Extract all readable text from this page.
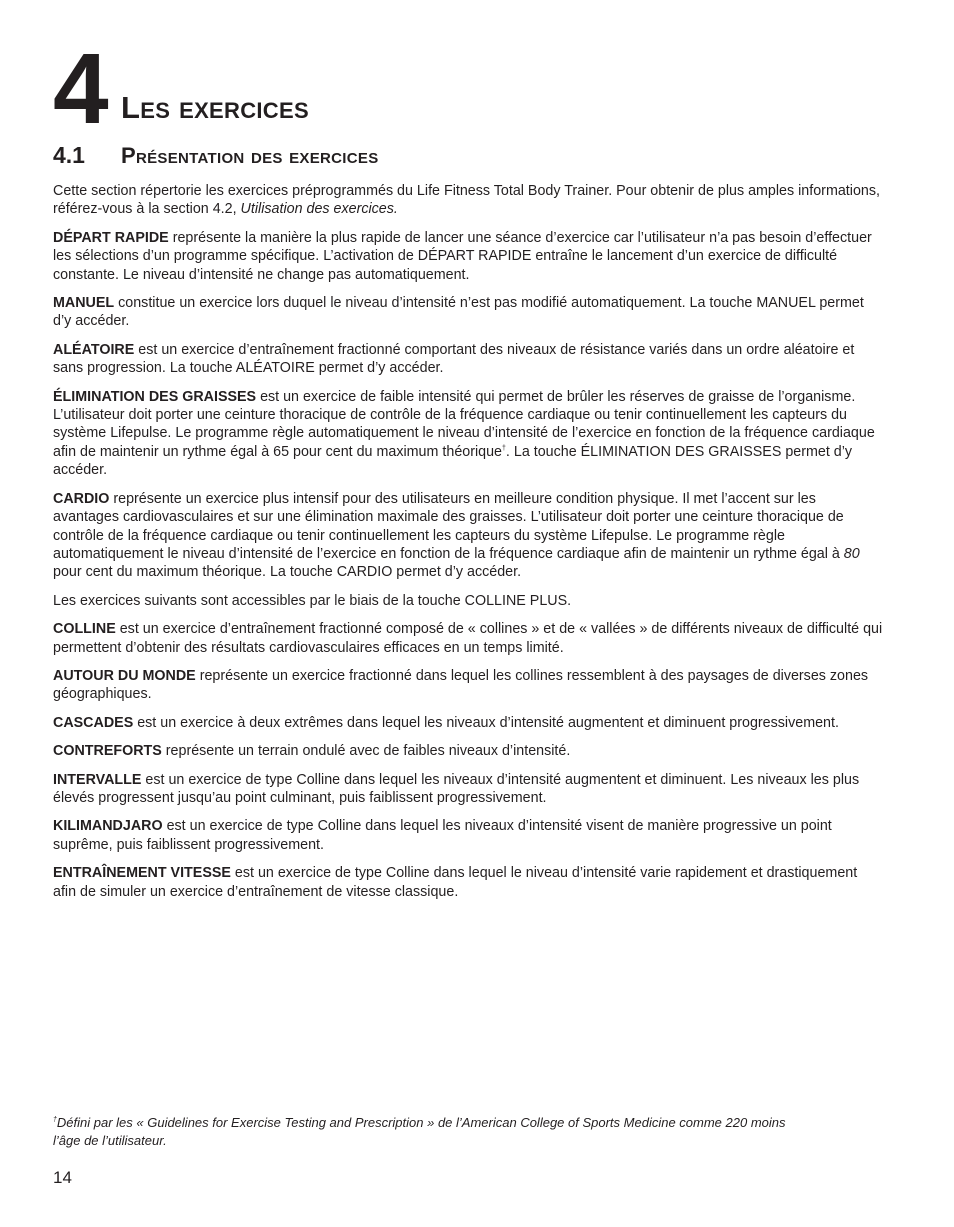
4 Les exercices
4.1 Présentation des exercices

Cette section répertorie les exercices préprogrammés du Life Fitness Total Body Trainer. Pour obtenir de plus amples informations, référez-vous à la section 4.2, Utilisation des exercices.

DÉPART RAPIDE représente la manière la plus rapide de lancer une séance d’exercice car l’utilisateur n’a pas besoin d’effectuer les sélections d’un programme spécifique. L’activation de DÉPART RAPIDE entraîne le lancement d’un exercice de difficulté constante. Le niveau d’intensité ne change pas automatiquement.

MANUEL constitue un exercice lors duquel le niveau d’intensité n’est pas modifié automatiquement. La touche MANUEL permet d’y accéder.

ALÉATOIRE est un exercice d’entraînement fractionné comportant des niveaux de résistance variés dans un ordre aléatoire et sans progression. La touche ALÉATOIRE permet d’y accéder.

ÉLIMINATION DES GRAISSES est un exercice de faible intensité qui permet de brûler les réserves de graisse de l’organisme. L’utilisateur doit porter une ceinture thoracique de contrôle de la fréquence cardiaque ou tenir continuellement les capteurs du système Lifepulse. Le programme règle automatiquement le niveau d’intensité de l’exercice en fonction de la fréquence cardiaque afin de maintenir un rythme égal à 65 pour cent du maximum théorique†. La touche ÉLIMINATION DES GRAISSES permet d’y accéder.

CARDIO représente un exercice plus intensif pour des utilisateurs en meilleure condition physique. Il met l’accent sur les avantages cardiovasculaires et sur une élimination maximale des graisses. L’utilisateur doit porter une ceinture thoracique de contrôle de la fréquence cardiaque ou tenir continuellement les capteurs du système Lifepulse. Le programme règle automatiquement le niveau d’intensité de l’exercice en fonction de la fréquence cardiaque afin de maintenir un rythme égal à 80 pour cent du maximum théorique. La touche CARDIO permet d’y accéder.

Les exercices suivants sont accessibles par le biais de la touche COLLINE PLUS.

COLLINE est un exercice d’entraînement fractionné composé de « collines » et de « vallées » de différents niveaux de difficulté qui permettent d’obtenir des résultats cardiovasculaires efficaces en un temps limité.

AUTOUR DU MONDE représente un exercice fractionné dans lequel les collines ressemblent à des paysages de diverses zones géographiques.

CASCADES est un exercice à deux extrêmes dans lequel les niveaux d’intensité augmentent et diminuent progressivement.

CONTREFORTS représente un terrain ondulé avec de faibles niveaux d’intensité.

INTERVALLE est un exercice de type Colline dans lequel les niveaux d’intensité augmentent et diminuent. Les niveaux les plus élevés progressent jusqu’au point culminant, puis faiblissent progressivement.

KILIMANDJARO est un exercice de type Colline dans lequel les niveaux d’intensité visent de manière progressive un point suprême, puis faiblissent progressivement.

ENTRAÎNEMENT VITESSE est un exercice de type Colline dans lequel le niveau d’intensité varie rapidement et drastiquement afin de simuler un exercice d’entraînement de vitesse classique.

†Défini par les « Guidelines for Exercise Testing and Prescription » de l’American College of Sports Medicine comme 220 moins l’âge de l’utilisateur.
14
